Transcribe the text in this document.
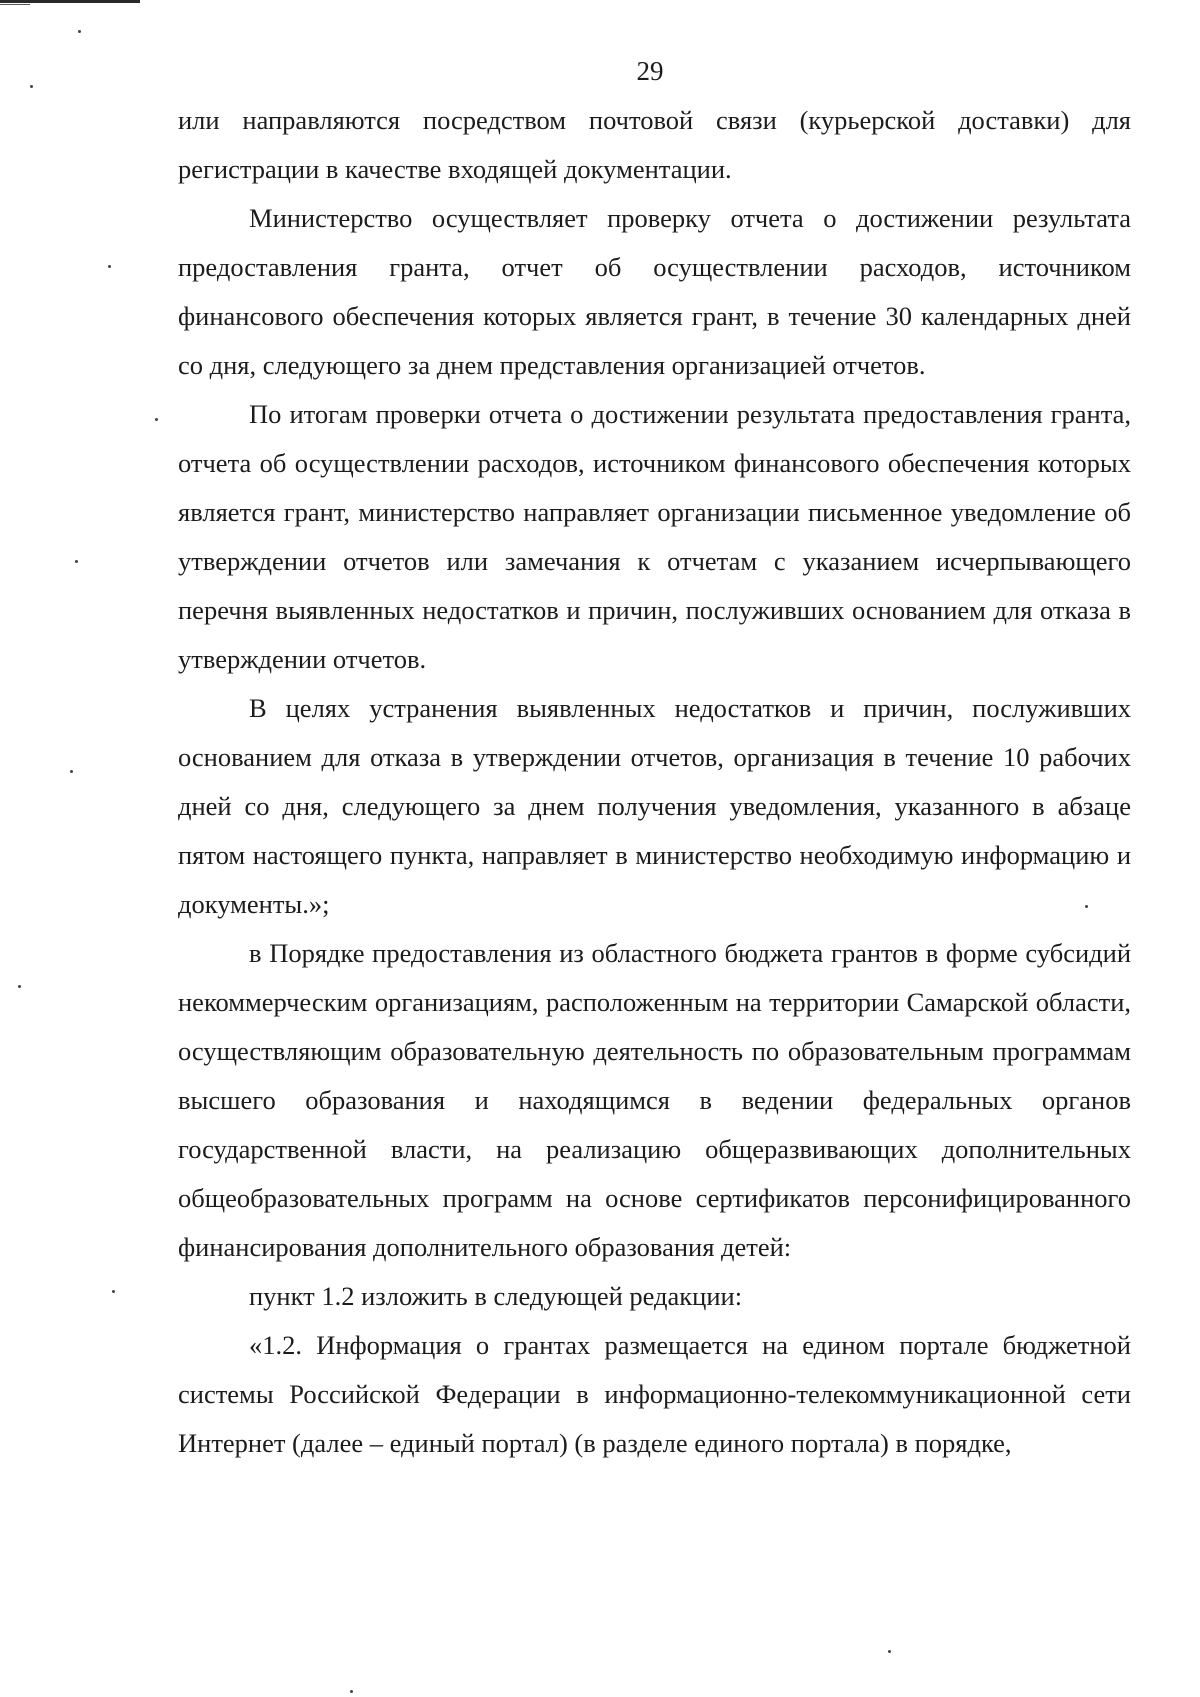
29

или направляются посредством почтовой связи (курьерской доставки) для регистрации в качестве входящей документации.

Министерство осуществляет проверку отчета о достижении результата предоставления гранта, отчет об осуществлении расходов, источником финансового обеспечения которых является грант, в течение 30 календарных дней со дня, следующего за днем представления организацией отчетов.

По итогам проверки отчета о достижении результата предоставления гранта, отчета об осуществлении расходов, источником финансового обеспечения которых является грант, министерство направляет организации письменное уведомление об утверждении отчетов или замечания к отчетам с указанием исчерпывающего перечня выявленных недостатков и причин, послуживших основанием для отказа в утверждении отчетов.

В целях устранения выявленных недостатков и причин, послуживших основанием для отказа в утверждении отчетов, организация в течение 10 рабочих дней со дня, следующего за днем получения уведомления, указанного в абзаце пятом настоящего пункта, направляет в министерство необходимую информацию и документы.»;

в Порядке предоставления из областного бюджета грантов в форме субсидий некоммерческим организациям, расположенным на территории Самарской области, осуществляющим образовательную деятельность по образовательным программам высшего образования и находящимся в ведении федеральных органов государственной власти, на реализацию общеразвивающих дополнительных общеобразовательных программ на основе сертификатов персонифицированного финансирования дополнительного образования детей:

пункт 1.2 изложить в следующей редакции:

«1.2. Информация о грантах размещается на едином портале бюджетной системы Российской Федерации в информационно-телекоммуникационной сети Интернет (далее – единый портал) (в разделе единого портала) в порядке,
